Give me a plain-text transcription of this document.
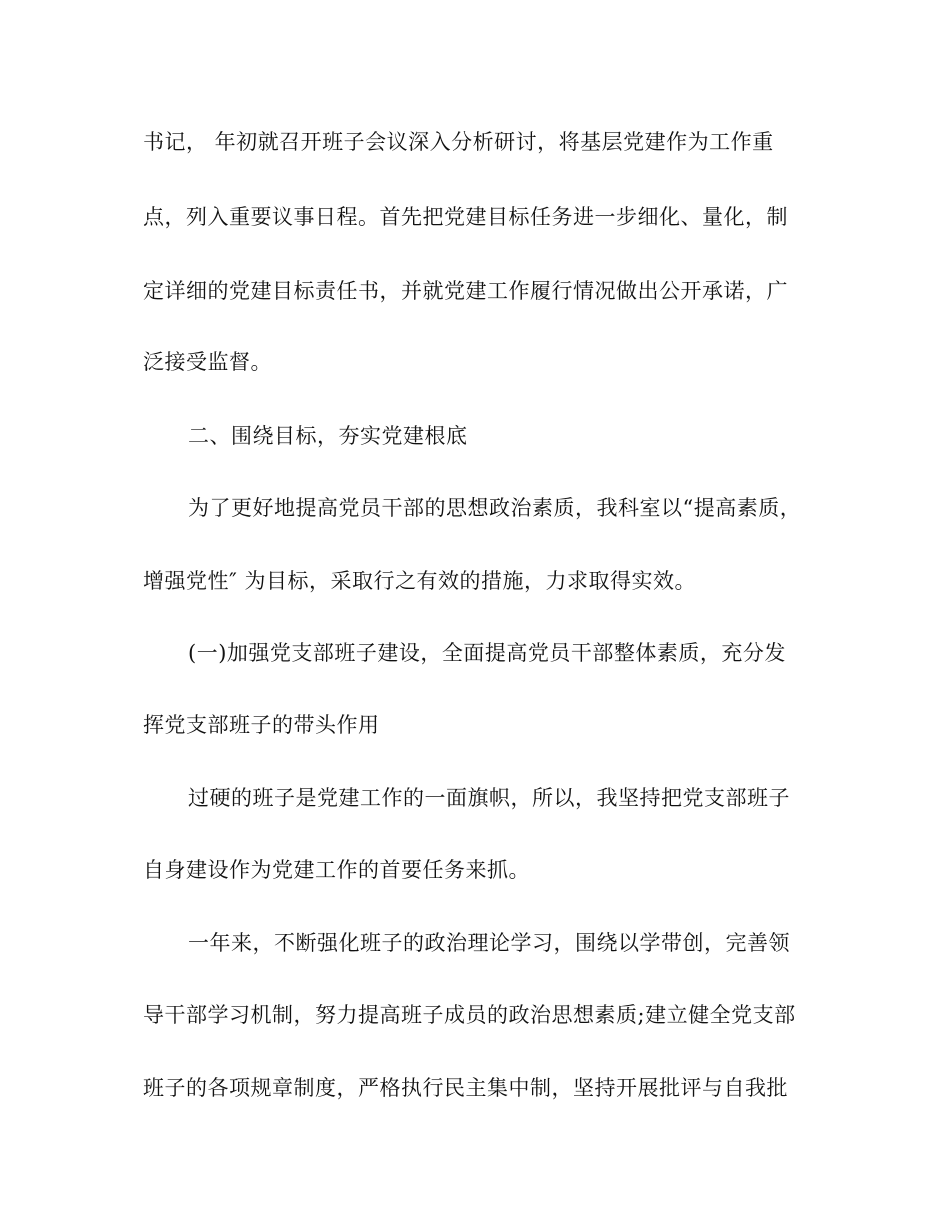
书记， 年初就召开班子会议深入分析研讨，将基层党建作为工作重
点，列入重要议事日程。首先把党建目标任务进一步细化、量化，制
定详细的党建目标责任书，并就党建工作履行情况做出公开承诺，广
泛接受监督。
二、围绕目标，夯实党建根底
为了更好地提高党员干部的思想政治素质，我科室以“提高素质，
增强党性″ 为目标，采取行之有效的措施，力求取得实效。
(一)加强党支部班子建设，全面提高党员干部整体素质，充分发
挥党支部班子的带头作用
过硬的班子是党建工作的一面旗帜，所以，我坚持把党支部班子
自身建设作为党建工作的首要任务来抓。
一年来，不断强化班子的政治理论学习，围绕以学带创，完善领
导干部学习机制，努力提高班子成员的政治思想素质;建立健全党支部
班子的各项规章制度，严格执行民主集中制，坚持开展批评与自我批
